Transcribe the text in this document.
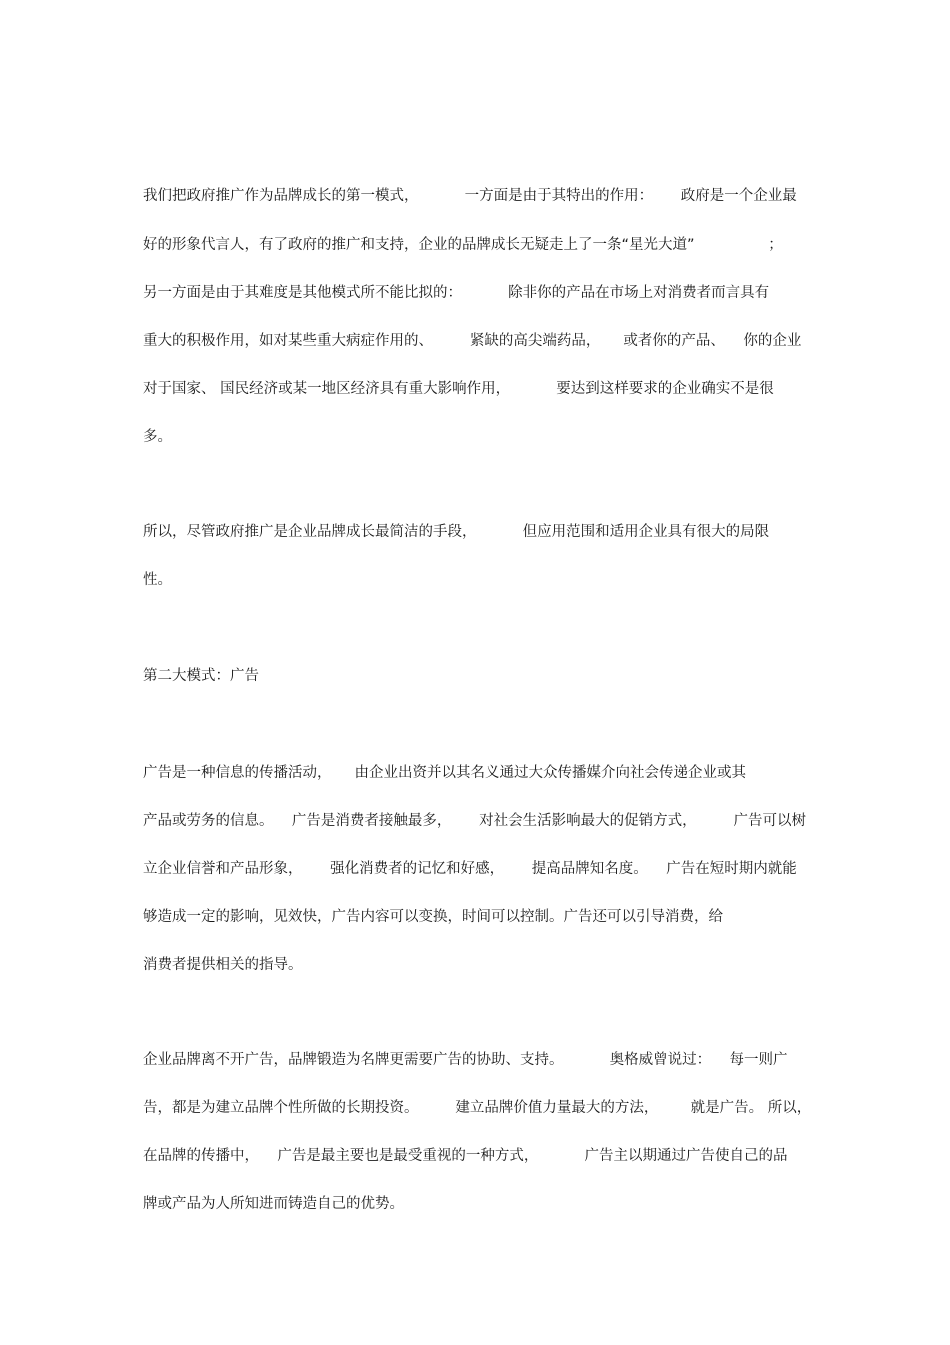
我们把政府推广作为品牌成长的第一模式，          一方面是由于其特出的作用：      政府是一个企业最
好的形象代言人，有了政府的推广和支持，企业的品牌成长无疑走上了一条“星光大道”                ；
另一方面是由于其难度是其他模式所不能比拟的：          除非你的产品在市场上对消费者而言具有
重大的积极作用，如对某些重大病症作用的、        紧缺的高尖端药品，     或者你的产品、    你的企业
对于国家、 国民经济或某一地区经济具有重大影响作用，          要达到这样要求的企业确实不是很
多。
所以，尽管政府推广是企业品牌成长最简洁的手段，          但应用范围和适用企业具有很大的局限
性。
第二大模式：广告
广告是一种信息的传播活动，     由企业出资并以其名义通过大众传播媒介向社会传递企业或其
产品或劳务的信息。    广告是消费者接触最多，      对社会生活影响最大的促销方式，        广告可以树
立企业信誉和产品形象，      强化消费者的记忆和好感，      提高品牌知名度。    广告在短时期内就能
够造成一定的影响，见效快，广告内容可以变换，时间可以控制。广告还可以引导消费，给
消费者提供相关的指导。
企业品牌离不开广告，品牌锻造为名牌更需要广告的协助、支持。          奥格威曾说过：    每一则广
告，都是为建立品牌个性所做的长期投资。        建立品牌价值力量最大的方法，       就是广告。 所以，
在品牌的传播中，    广告是最主要也是最受重视的一种方式，          广告主以期通过广告使自己的品
牌或产品为人所知进而铸造自己的优势。
